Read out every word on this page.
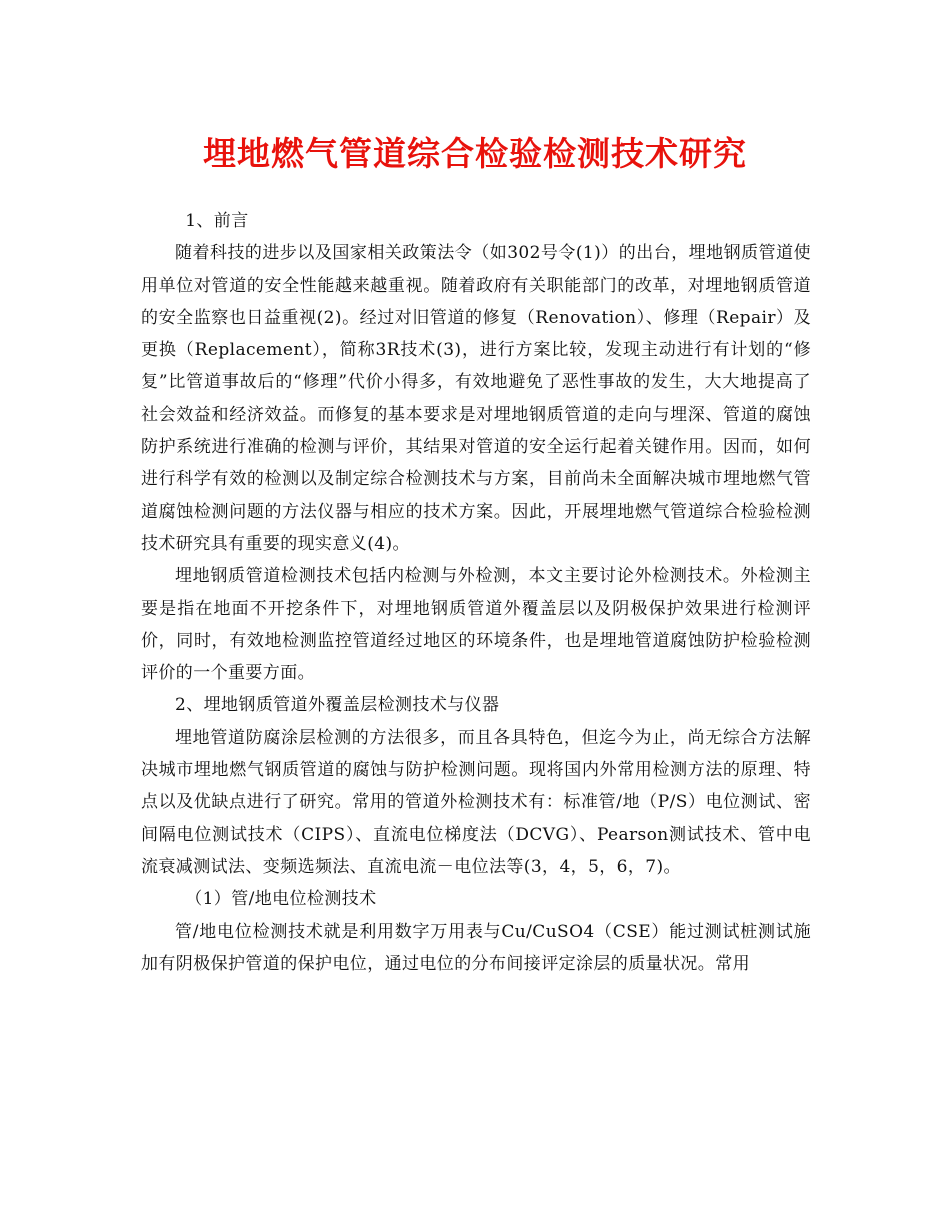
埋地燃气管道综合检验检测技术研究

1、前言

随着科技的进步以及国家相关政策法令（如302号令(1)）的出台，埋地钢质管道使用单位对管道的安全性能越来越重视。随着政府有关职能部门的改革，对埋地钢质管道的安全监察也日益重视(2)。经过对旧管道的修复（Renovation）、修理（Repair）及更换（Replacement），简称3R技术(3)，进行方案比较，发现主动进行有计划的“修复”比管道事故后的“修理”代价小得多，有效地避免了恶性事故的发生，大大地提高了社会效益和经济效益。而修复的基本要求是对埋地钢质管道的走向与埋深、管道的腐蚀防护系统进行准确的检测与评价，其结果对管道的安全运行起着关键作用。因而，如何进行科学有效的检测以及制定综合检测技术与方案，目前尚未全面解决城市埋地燃气管道腐蚀检测问题的方法仪器与相应的技术方案。因此，开展埋地燃气管道综合检验检测技术研究具有重要的现实意义(4)。

埋地钢质管道检测技术包括内检测与外检测，本文主要讨论外检测技术。外检测主要是指在地面不开挖条件下，对埋地钢质管道外覆盖层以及阴极保护效果进行检测评价，同时，有效地检测监控管道经过地区的环境条件，也是埋地管道腐蚀防护检验检测评价的一个重要方面。

2、埋地钢质管道外覆盖层检测技术与仪器

埋地管道防腐涂层检测的方法很多，而且各具特色，但迄今为止，尚无综合方法解决城市埋地燃气钢质管道的腐蚀与防护检测问题。现将国内外常用检测方法的原理、特点以及优缺点进行了研究。常用的管道外检测技术有：标准管/地（P/S）电位测试、密间隔电位测试技术（CIPS）、直流电位梯度法（DCVG）、Pearson测试技术、管中电流衰减测试法、变频选频法、直流电流－电位法等(3，4，5，6，7)。

（1）管/地电位检测技术

管/地电位检测技术就是利用数字万用表与Cu/CuSO4（CSE）能过测试桩测试施加有阴极保护管道的保护电位，通过电位的分布间接评定涂层的质量状况。常用
